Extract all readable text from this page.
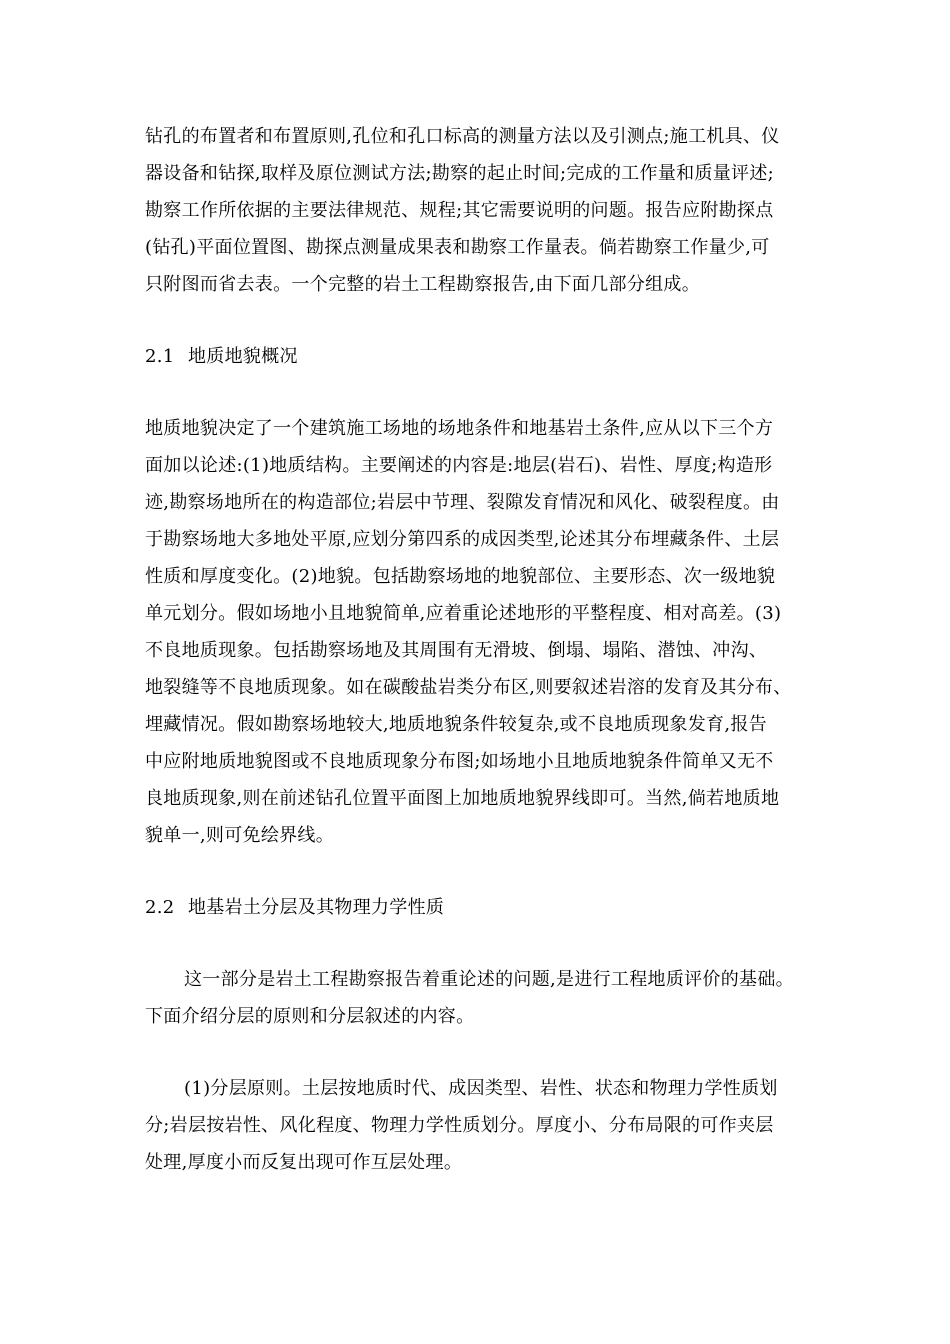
钻孔的布置者和布置原则,孔位和孔口标高的测量方法以及引测点;施工机具、仪
器设备和钻探,取样及原位测试方法;勘察的起止时间;完成的工作量和质量评述;
勘察工作所依据的主要法律规范、规程;其它需要说明的问题。报告应附勘探点
(钻孔)平面位置图、勘探点测量成果表和勘察工作量表。倘若勘察工作量少,可
只附图而省去表。一个完整的岩土工程勘察报告,由下面几部分组成。
2.1 地质地貌概况
地质地貌决定了一个建筑施工场地的场地条件和地基岩土条件,应从以下三个方
面加以论述:(1)地质结构。主要阐述的内容是:地层(岩石)、岩性、厚度;构造形
迹,勘察场地所在的构造部位;岩层中节理、裂隙发育情况和风化、破裂程度。由
于勘察场地大多地处平原,应划分第四系的成因类型,论述其分布埋藏条件、土层
性质和厚度变化。(2)地貌。包括勘察场地的地貌部位、主要形态、次一级地貌
单元划分。假如场地小且地貌简单,应着重论述地形的平整程度、相对高差。(3)
不良地质现象。包括勘察场地及其周围有无滑坡、倒塌、塌陷、潜蚀、冲沟、
地裂缝等不良地质现象。如在碳酸盐岩类分布区,则要叙述岩溶的发育及其分布、
埋藏情况。假如勘察场地较大,地质地貌条件较复杂,或不良地质现象发育,报告
中应附地质地貌图或不良地质现象分布图;如场地小且地质地貌条件简单又无不
良地质现象,则在前述钻孔位置平面图上加地质地貌界线即可。当然,倘若地质地
貌单一,则可免绘界线。
2.2 地基岩土分层及其物理力学性质
这一部分是岩土工程勘察报告着重论述的问题,是进行工程地质评价的基础。
下面介绍分层的原则和分层叙述的内容。
(1)分层原则。土层按地质时代、成因类型、岩性、状态和物理力学性质划
分;岩层按岩性、风化程度、物理力学性质划分。厚度小、分布局限的可作夹层
处理,厚度小而反复出现可作互层处理。
